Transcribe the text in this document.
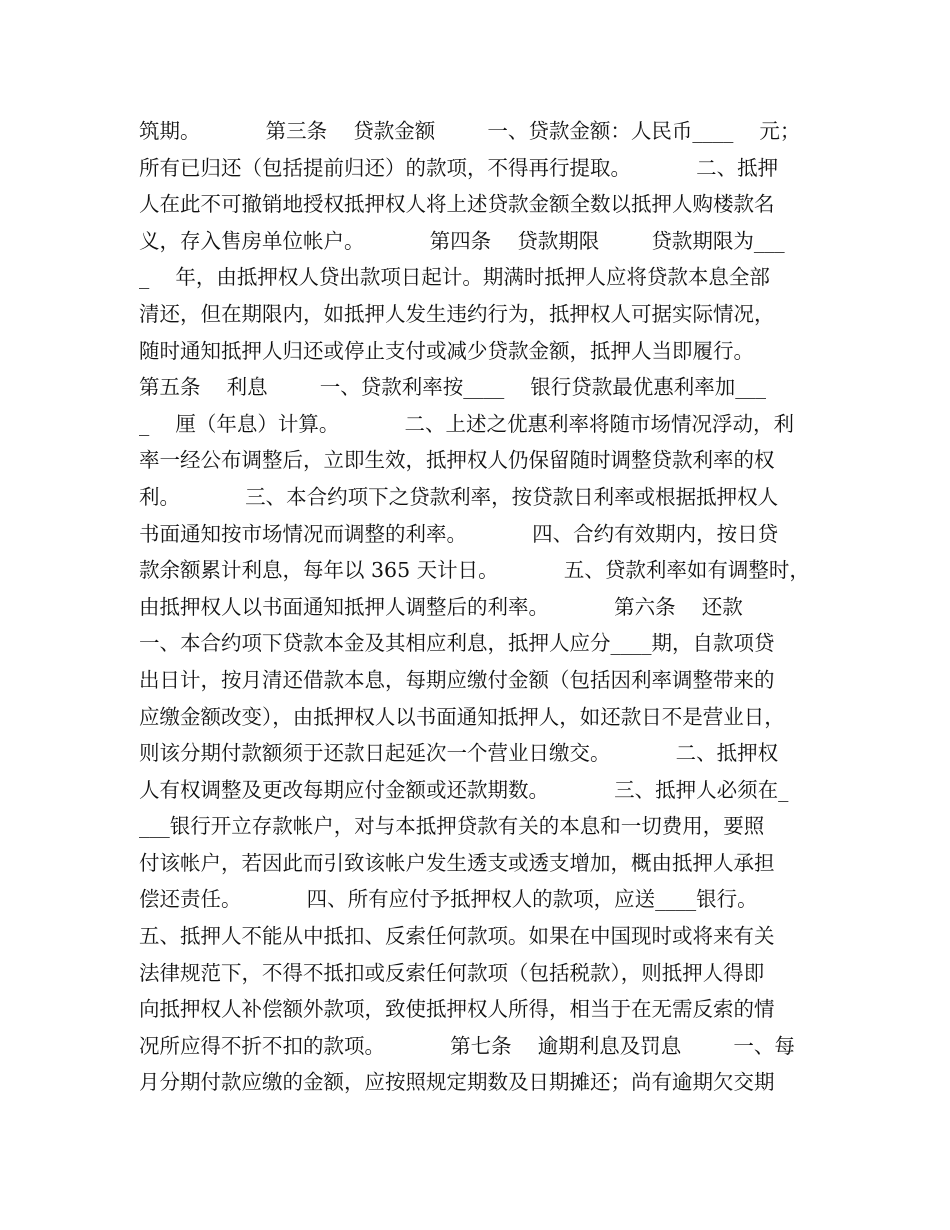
筑期。          第三条    贷款金额        一、贷款金额：人民币____    元；
所有已归还（包括提前归还）的款项，不得再行提取。          二、抵押
人在此不可撤销地授权抵押权人将上述贷款金额全数以抵押人购楼款名
义，存入售房单位帐户。          第四条    贷款期限        贷款期限为___
_    年，由抵押权人贷出款项日起计。期满时抵押人应将贷款本息全部
清还，但在期限内，如抵押人发生违约行为，抵押权人可据实际情况，
随时通知抵押人归还或停止支付或减少贷款金额，抵押人当即履行。
第五条    利息        一、贷款利率按____    银行贷款最优惠利率加___
_    厘（年息）计算。          二、上述之优惠利率将随市场情况浮动，利
率一经公布调整后，立即生效，抵押权人仍保留随时调整贷款利率的权
利。          三、本合约项下之贷款利率，按贷款日利率或根据抵押权人
书面通知按市场情况而调整的利率。          四、合约有效期内，按日贷
款余额累计利息，每年以 365 天计日。          五、贷款利率如有调整时，
由抵押权人以书面通知抵押人调整后的利率。          第六条    还款
一、本合约项下贷款本金及其相应利息，抵押人应分____期，自款项贷
出日计，按月清还借款本息，每期应缴付金额（包括因利率调整带来的
应缴金额改变），由抵押权人以书面通知抵押人，如还款日不是营业日，
则该分期付款额须于还款日起延次一个营业日缴交。          二、抵押权
人有权调整及更改每期应付金额或还款期数。          三、抵押人必须在_
___银行开立存款帐户，对与本抵押贷款有关的本息和一切费用，要照
付该帐户，若因此而引致该帐户发生透支或透支增加，概由抵押人承担
偿还责任。          四、所有应付予抵押权人的款项，应送____银行。
五、抵押人不能从中抵扣、反索任何款项。如果在中国现时或将来有关
法律规范下，不得不抵扣或反索任何款项（包括税款），则抵押人得即
向抵押权人补偿额外款项，致使抵押权人所得，相当于在无需反索的情
况所应得不折不扣的款项。          第七条    逾期利息及罚息        一、每
月分期付款应缴的金额，应按照规定期数及日期摊还；尚有逾期欠交期
